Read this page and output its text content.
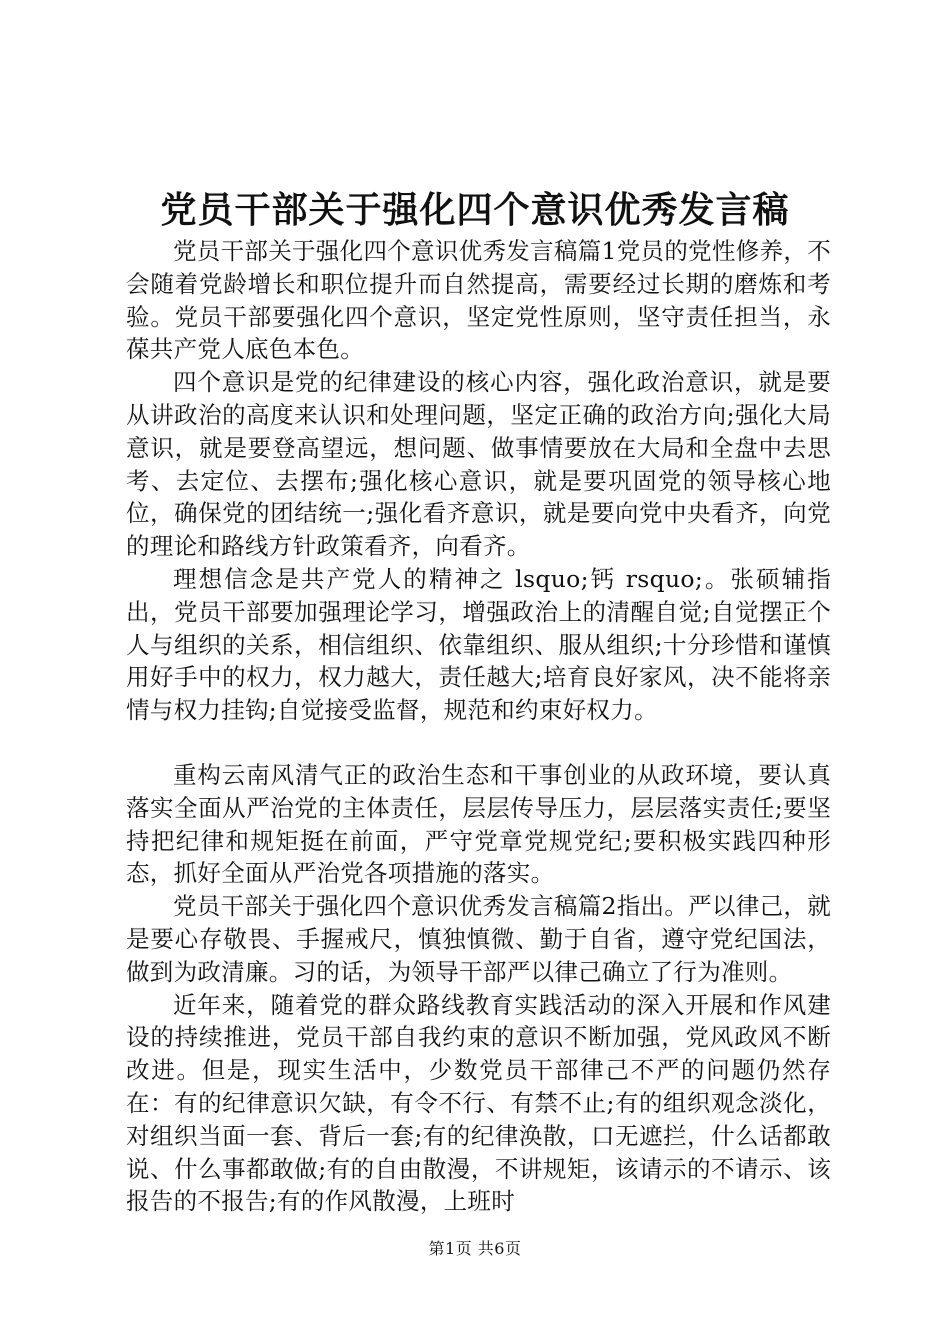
党员干部关于强化四个意识优秀发言稿

党员干部关于强化四个意识优秀发言稿篇1党员的党性修养，不会随着党龄增长和职位提升而自然提高，需要经过长期的磨炼和考验。党员干部要强化四个意识，坚定党性原则，坚守责任担当，永葆共产党人底色本色。

四个意识是党的纪律建设的核心内容，强化政治意识，就是要从讲政治的高度来认识和处理问题，坚定正确的政治方向;强化大局意识，就是要登高望远，想问题、做事情要放在大局和全盘中去思考、去定位、去摆布;强化核心意识，就是要巩固党的领导核心地位，确保党的团结统一;强化看齐意识，就是要向党中央看齐，向党的理论和路线方针政策看齐，向看齐。

理想信念是共产党人的精神之 lsquo;钙 rsquo;。张硕辅指出，党员干部要加强理论学习，增强政治上的清醒自觉;自觉摆正个人与组织的关系，相信组织、依靠组织、服从组织;十分珍惜和谨慎用好手中的权力，权力越大，责任越大;培育良好家风，决不能将亲情与权力挂钩;自觉接受监督，规范和约束好权力。

重构云南风清气正的政治生态和干事创业的从政环境，要认真落实全面从严治党的主体责任，层层传导压力，层层落实责任;要坚持把纪律和规矩挺在前面，严守党章党规党纪;要积极实践四种形态，抓好全面从严治党各项措施的落实。

党员干部关于强化四个意识优秀发言稿篇2指出。严以律己，就是要心存敬畏、手握戒尺，慎独慎微、勤于自省，遵守党纪国法，做到为政清廉。习的话，为领导干部严以律己确立了行为准则。

近年来，随着党的群众路线教育实践活动的深入开展和作风建设的持续推进，党员干部自我约束的意识不断加强，党风政风不断改进。但是，现实生活中，少数党员干部律己不严的问题仍然存在：有的纪律意识欠缺，有令不行、有禁不止;有的组织观念淡化，对组织当面一套、背后一套;有的纪律涣散，口无遮拦，什么话都敢说、什么事都敢做;有的自由散漫，不讲规矩，该请示的不请示、该报告的不报告;有的作风散漫，上班时

第1页 共6页
